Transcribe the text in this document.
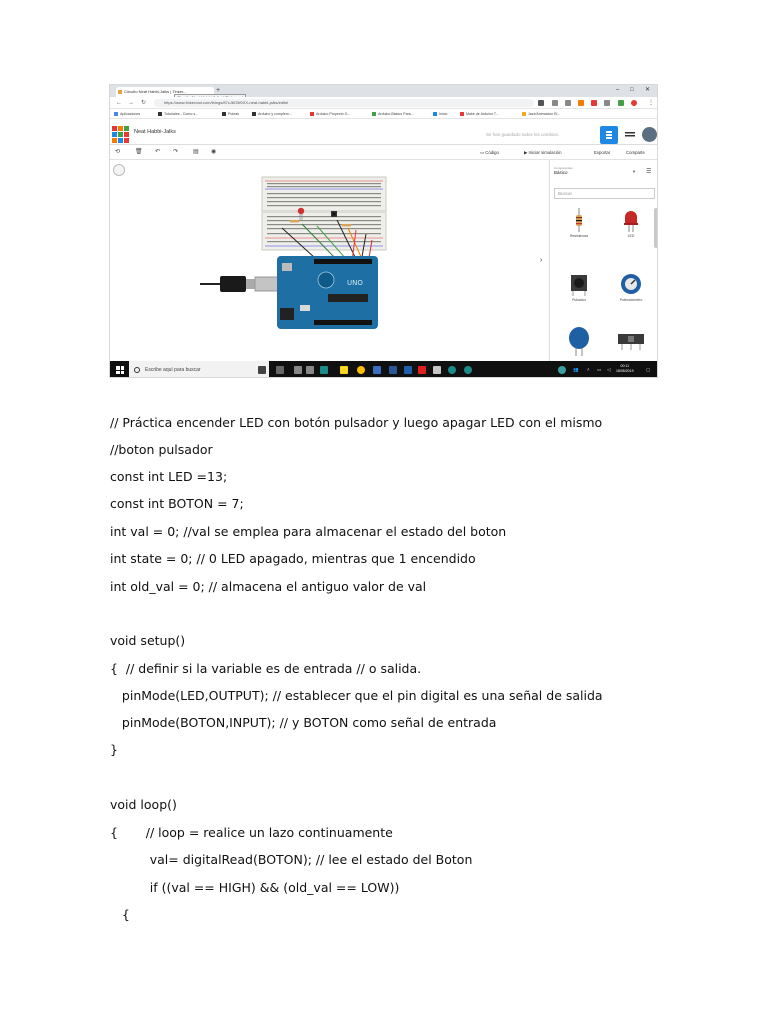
Circuito Neat Habbi-Jalks | Tinker...	+	– □ ✕
← → ↻	https://www.tinkercad.com/things/87cJ8O5f0XX-neat-habbi-jalks/editel	⋮
Aplicaciones	Tutoriales - Como s...	Poleas	Arduino y complem...	Arduino Proyecto G...	Arduino Básico Para...	Inicio	Make de Arduino T...	Jazz/Animacion El...
Neat Habbi-Jalks	Se han guardado todos los cambios.
⟲ 🗑 ↶ ↷ ▤ ◉	▭ Código	▶ Iniciar simulación	Exportar	Comparte
UNO
›
Componentes
Básico	▼ ☰
Buscar
Resistencia	LED
Pulsador	Potenciómetro
Escribe aquí para buscar	👥 ˄ ▭ ◁
00:11
18/05/2019	▢
// Práctica encender LED con botón pulsador y luego apagar LED con el mismo
//boton pulsador
const int LED =13;
const int BOTON = 7;
int val = 0; //val se emplea para almacenar el estado del boton
int state = 0; // 0 LED apagado, mientras que 1 encendido
int old_val = 0; // almacena el antiguo valor de val
void setup()
{  // definir si la variable es de entrada // o salida.
pinMode(LED,OUTPUT); // establecer que el pin digital es una señal de salida
pinMode(BOTON,INPUT); // y BOTON como señal de entrada
}
void loop()
{       // loop = realice un lazo continuamente
val= digitalRead(BOTON); // lee el estado del Boton
if ((val == HIGH) && (old_val == LOW))
{
